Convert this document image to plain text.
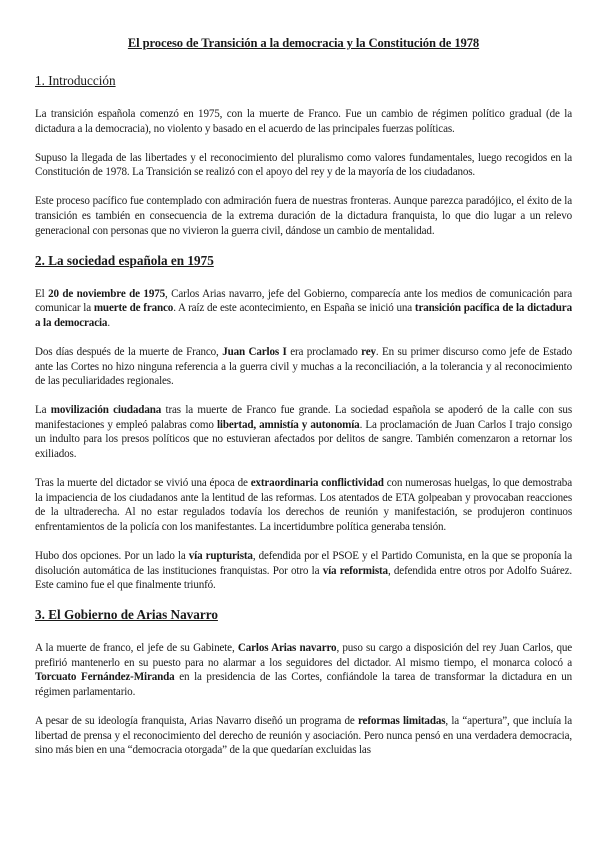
El proceso de Transición a la democracia y la Constitución de 1978
1. Introducción

La transición española comenzó en 1975, con la muerte de Franco. Fue un cambio de régimen político gradual (de la dictadura a la democracia), no violento y basado en el acuerdo de las principales fuerzas políticas.

Supuso la llegada de las libertades y el reconocimiento del pluralismo como valores fundamentales, luego recogidos en la Constitución de 1978. La Transición se realizó con el apoyo del rey y de la mayoría de los ciudadanos.

Este proceso pacífico fue contemplado con admiración fuera de nuestras fronteras. Aunque parezca paradójico, el éxito de la transición es también en consecuencia de la extrema duración de la dictadura franquista, lo que dio lugar a un relevo generacional con personas que no vivieron la guerra civil, dándose un cambio de mentalidad.

2. La sociedad española en 1975

El 20 de noviembre de 1975, Carlos Arias navarro, jefe del Gobierno, comparecía ante los medios de comunicación para comunicar la muerte de franco. A raíz de este acontecimiento, en España se inició una transición pacífica de la dictadura a la democracia.

Dos días después de la muerte de Franco, Juan Carlos I era proclamado rey. En su primer discurso como jefe de Estado ante las Cortes no hizo ninguna referencia a la guerra civil y muchas a la reconciliación, a la tolerancia y al reconocimiento de las peculiaridades regionales.

La movilización ciudadana tras la muerte de Franco fue grande. La sociedad española se apoderó de la calle con sus manifestaciones y empleó palabras como libertad, amnistía y autonomía. La proclamación de Juan Carlos I trajo consigo un indulto para los presos políticos que no estuvieran afectados por delitos de sangre. También comenzaron a retornar los exiliados.

Tras la muerte del dictador se vivió una época de extraordinaria conflictividad con numerosas huelgas, lo que demostraba la impaciencia de los ciudadanos ante la lentitud de las reformas. Los atentados de ETA golpeaban y provocaban reacciones de la ultraderecha. Al no estar regulados todavía los derechos de reunión y manifestación, se produjeron continuos enfrentamientos de la policía con los manifestantes. La incertidumbre política generaba tensión.

Hubo dos opciones. Por un lado la vía rupturista, defendida por el PSOE y el Partido Comunista, en la que se proponía la disolución automática de las instituciones franquistas. Por otro la vía reformista, defendida entre otros por Adolfo Suárez. Este camino fue el que finalmente triunfó.

3. El Gobierno de Arias Navarro

A la muerte de franco, el jefe de su Gabinete, Carlos Arias navarro, puso su cargo a disposición del rey Juan Carlos, que prefirió mantenerlo en su puesto para no alarmar a los seguidores del dictador. Al mismo tiempo, el monarca colocó a Torcuato Fernández-Miranda en la presidencia de las Cortes, confiándole la tarea de transformar la dictadura en un régimen parlamentario.

A pesar de su ideología franquista, Arias Navarro diseñó un programa de reformas limitadas, la “apertura”, que incluía la libertad de prensa y el reconocimiento del derecho de reunión y asociación. Pero nunca pensó en una verdadera democracia, sino más bien en una “democracia otorgada” de la que quedarían excluidas las
